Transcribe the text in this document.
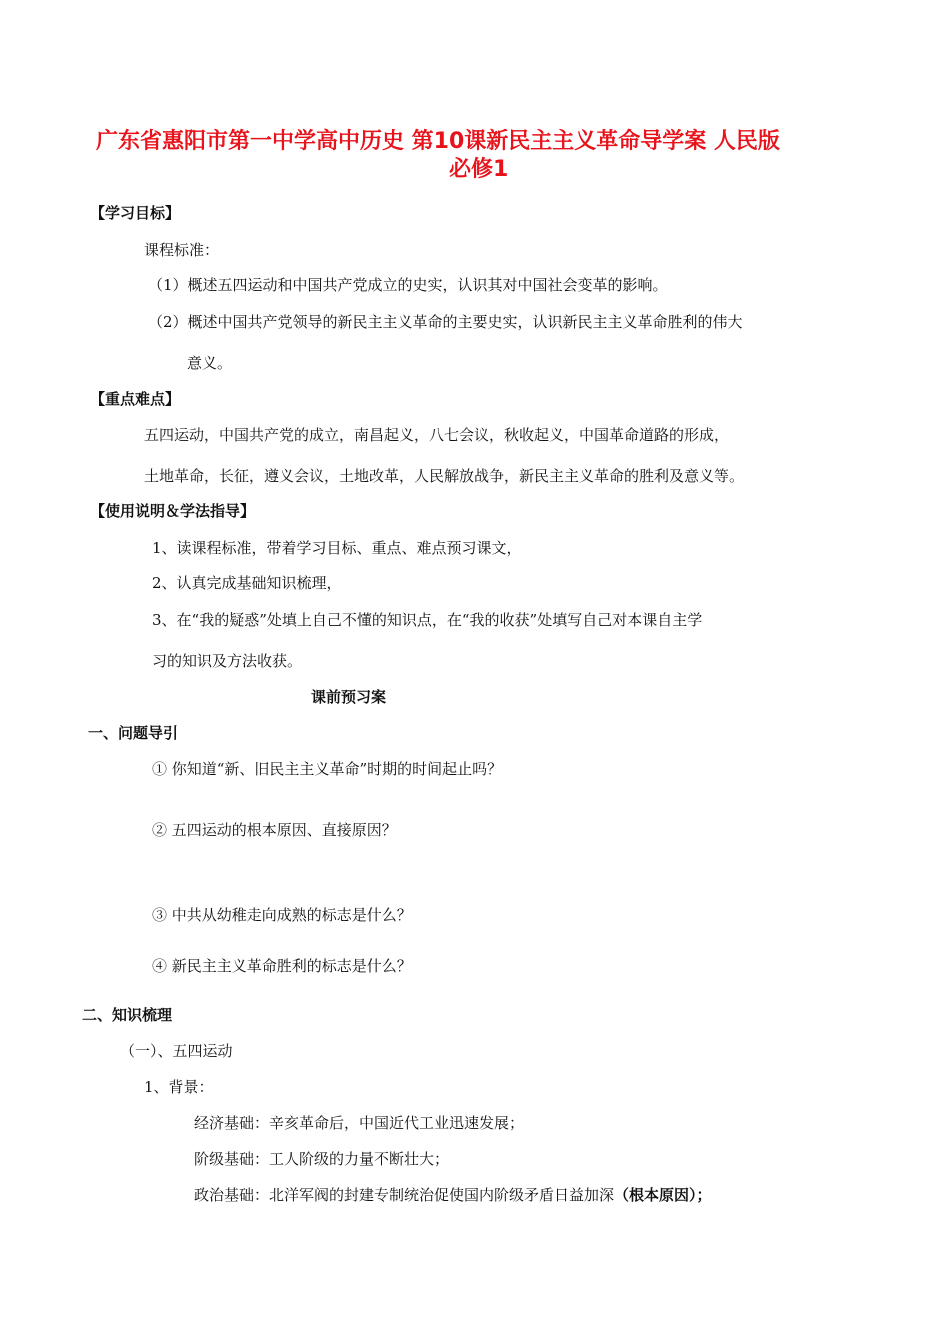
广东省惠阳市第一中学高中历史 第10课新民主主义革命导学案 人民版
必修1
【学习目标】
课程标准：
（1）概述五四运动和中国共产党成立的史实，认识其对中国社会变革的影响。
（2）概述中国共产党领导的新民主主义革命的主要史实，认识新民主主义革命胜利的伟大
意义。
【重点难点】
五四运动，中国共产党的成立，南昌起义，八七会议，秋收起义，中国革命道路的形成，
土地革命，长征，遵义会议，土地改革，人民解放战争，新民主主义革命的胜利及意义等。
【使用说明＆学法指导】
1、读课程标准，带着学习目标、重点、难点预习课文，
2、认真完成基础知识梳理，
3、在“我的疑惑”处填上自己不懂的知识点，在“我的收获”处填写自己对本课自主学
习的知识及方法收获。
课前预习案
一、问题导引
① 你知道“新、旧民主主义革命”时期的时间起止吗？
② 五四运动的根本原因、直接原因？
③ 中共从幼稚走向成熟的标志是什么？
④ 新民主主义革命胜利的标志是什么？
二、知识梳理
（一）、五四运动
1、背景：
经济基础：辛亥革命后，中国近代工业迅速发展；
阶级基础：工人阶级的力量不断壮大；
政治基础：北洋军阀的封建专制统治促使国内阶级矛盾日益加深（根本原因）；
